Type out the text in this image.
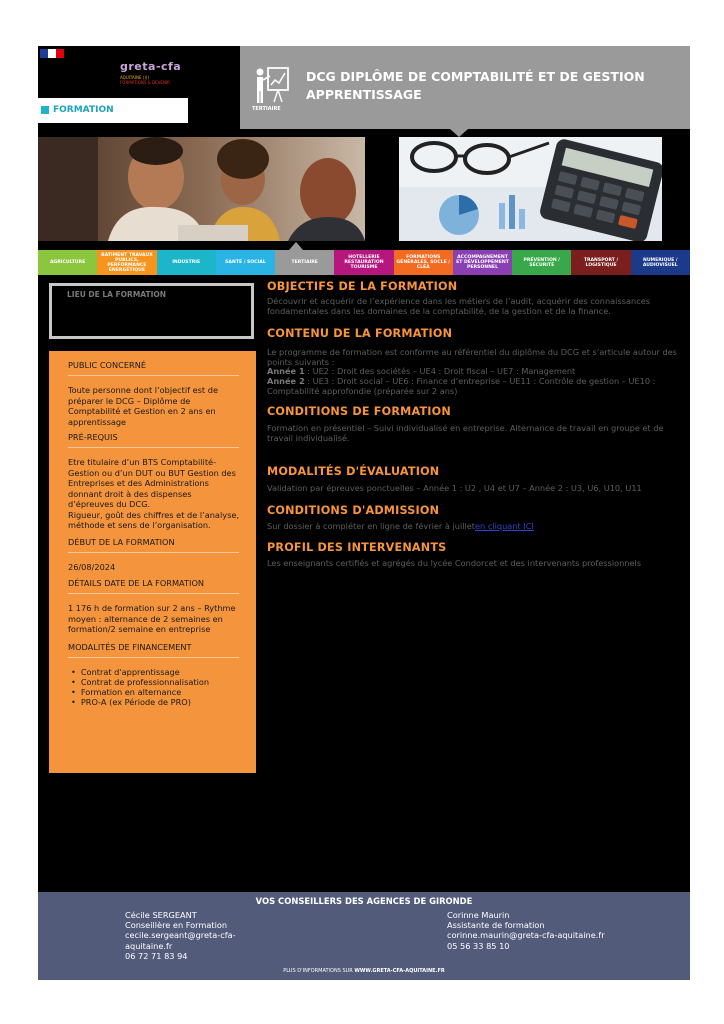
greta-cfa
AQUITAINE ))))
FORMATIONS & DEVENIR
FORMATION	TERTIAIRE
DCG DIPLÔME DE COMPTABILITÉ ET DE GESTION
APPRENTISSAGE
AGRICULTURE
BATIMENT TRAVAUX PUBLICS, PERFORMANCE ÉNERGÉTIQUE
INDUSTRIE	SANTÉ / SOCIAL	TERTIAIRE
HOTELLERIE RESTAURATION TOURISME
FORMATIONS GÉNÉRALES, SOCLE / CLÉA
ACCOMPAGNEMENT ET DÉVELOPPEMENT PERSONNEL
PRÉVENTION / SÉCURITÉ
TRANSPORT / LOGISTIQUE
NUMERIQUE / AUDIOVISUEL
LIEU DE LA FORMATION
PUBLIC CONCERNÉ
Toute personne dont l’objectif est de préparer le DCG – Diplôme de Comptabilité et Gestion en 2 ans en apprentissage
PRÉ-REQUIS
Etre titulaire d’un BTS Comptabilité-Gestion ou d’un DUT ou BUT Gestion des Entreprises et des Administrations donnant droit à des dispenses d’épreuves du DCG.
Rigueur, goût des chiffres et de l’analyse, méthode et sens de l’organisation.
DÉBUT DE LA FORMATION
26/08/2024
DÉTAILS DATE DE LA FORMATION
1 176 h de formation sur 2 ans – Rythme moyen : alternance de 2 semaines en formation/2 semaine en entreprise
MODALITÉS DE FINANCEMENT
• Contrat d'apprentissage
• Contrat de professionnalisation
• Formation en alternance
• PRO-A (ex Période de PRO)
OBJECTIFS DE LA FORMATION
Découvrir et acquérir de l’expérience dans les métiers de l’audit, acquérir des connaissances fondamentales dans les domaines de la comptabilité, de la gestion et de la finance.
CONTENU DE LA FORMATION
Le programme de formation est conforme au référentiel du diplôme du DCG et s’articule autour des points suivants :
Année 1 : UE2 : Droit des sociétés – UE4 : Droit fiscal – UE7 : Management
Année 2 : UE3 : Droit social – UE6 : Finance d’entreprise – UE11 : Contrôle de gestion – UE10 : Comptabilité approfondie (préparée sur 2 ans)
CONDITIONS DE FORMATION
Formation en présentiel – Suivi individualisé en entreprise. Alternance de travail en groupe et de travail individualisé.
MODALITÉS D'ÉVALUATION
Validation par épreuves ponctuelles – Année 1 : U2 , U4 et U7 – Année 2 : U3, U6, U10, U11
CONDITIONS D'ADMISSION
Sur dossier à compléter en ligne de février à juilleten cliquant ICI
PROFIL DES INTERVENANTS
Les enseignants certifiés et agrégés du lycée Condorcet et des intervenants professionnels
VOS CONSEILLERS DES AGENCES DE GIRONDE
Cécile SERGEANT
Conseillère en Formation
cecile.sergeant@greta-cfa-aquitaine.fr
06 72 71 83 94
Corinne Maurin
Assistante de formation
corinne.maurin@greta-cfa-aquitaine.fr
05 56 33 85 10
PLUS D’INFORMATIONS SUR WWW.GRETA-CFA-AQUITAINE.FR
